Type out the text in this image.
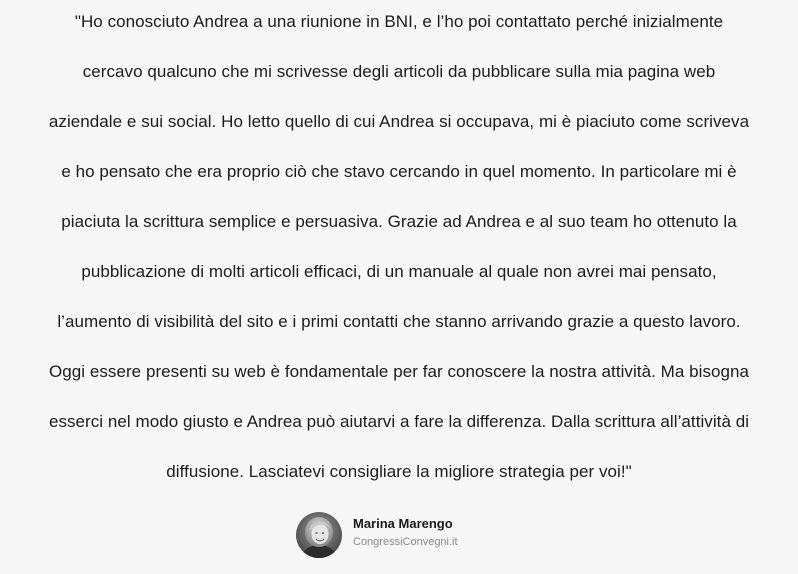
"Ho conosciuto Andrea a una riunione in BNI, e l’ho poi contattato perché inizialmente
cercavo qualcuno che mi scrivesse degli articoli da pubblicare sulla mia pagina web
aziendale e sui social. Ho letto quello di cui Andrea si occupava, mi è piaciuto come scriveva
e ho pensato che era proprio ciò che stavo cercando in quel momento. In particolare mi è
piaciuta la scrittura semplice e persuasiva. Grazie ad Andrea e al suo team ho ottenuto la
pubblicazione di molti articoli efficaci, di un manuale al quale non avrei mai pensato,
l’aumento di visibilità del sito e i primi contatti che stanno arrivando grazie a questo lavoro.
Oggi essere presenti su web è fondamentale per far conoscere la nostra attività. Ma bisogna
esserci nel modo giusto e Andrea può aiutarvi a fare la differenza. Dalla scrittura all’attività di
diffusione. Lasciatevi consigliare la migliore strategia per voi!"
Marina Marengo
CongressiConvegni.it
